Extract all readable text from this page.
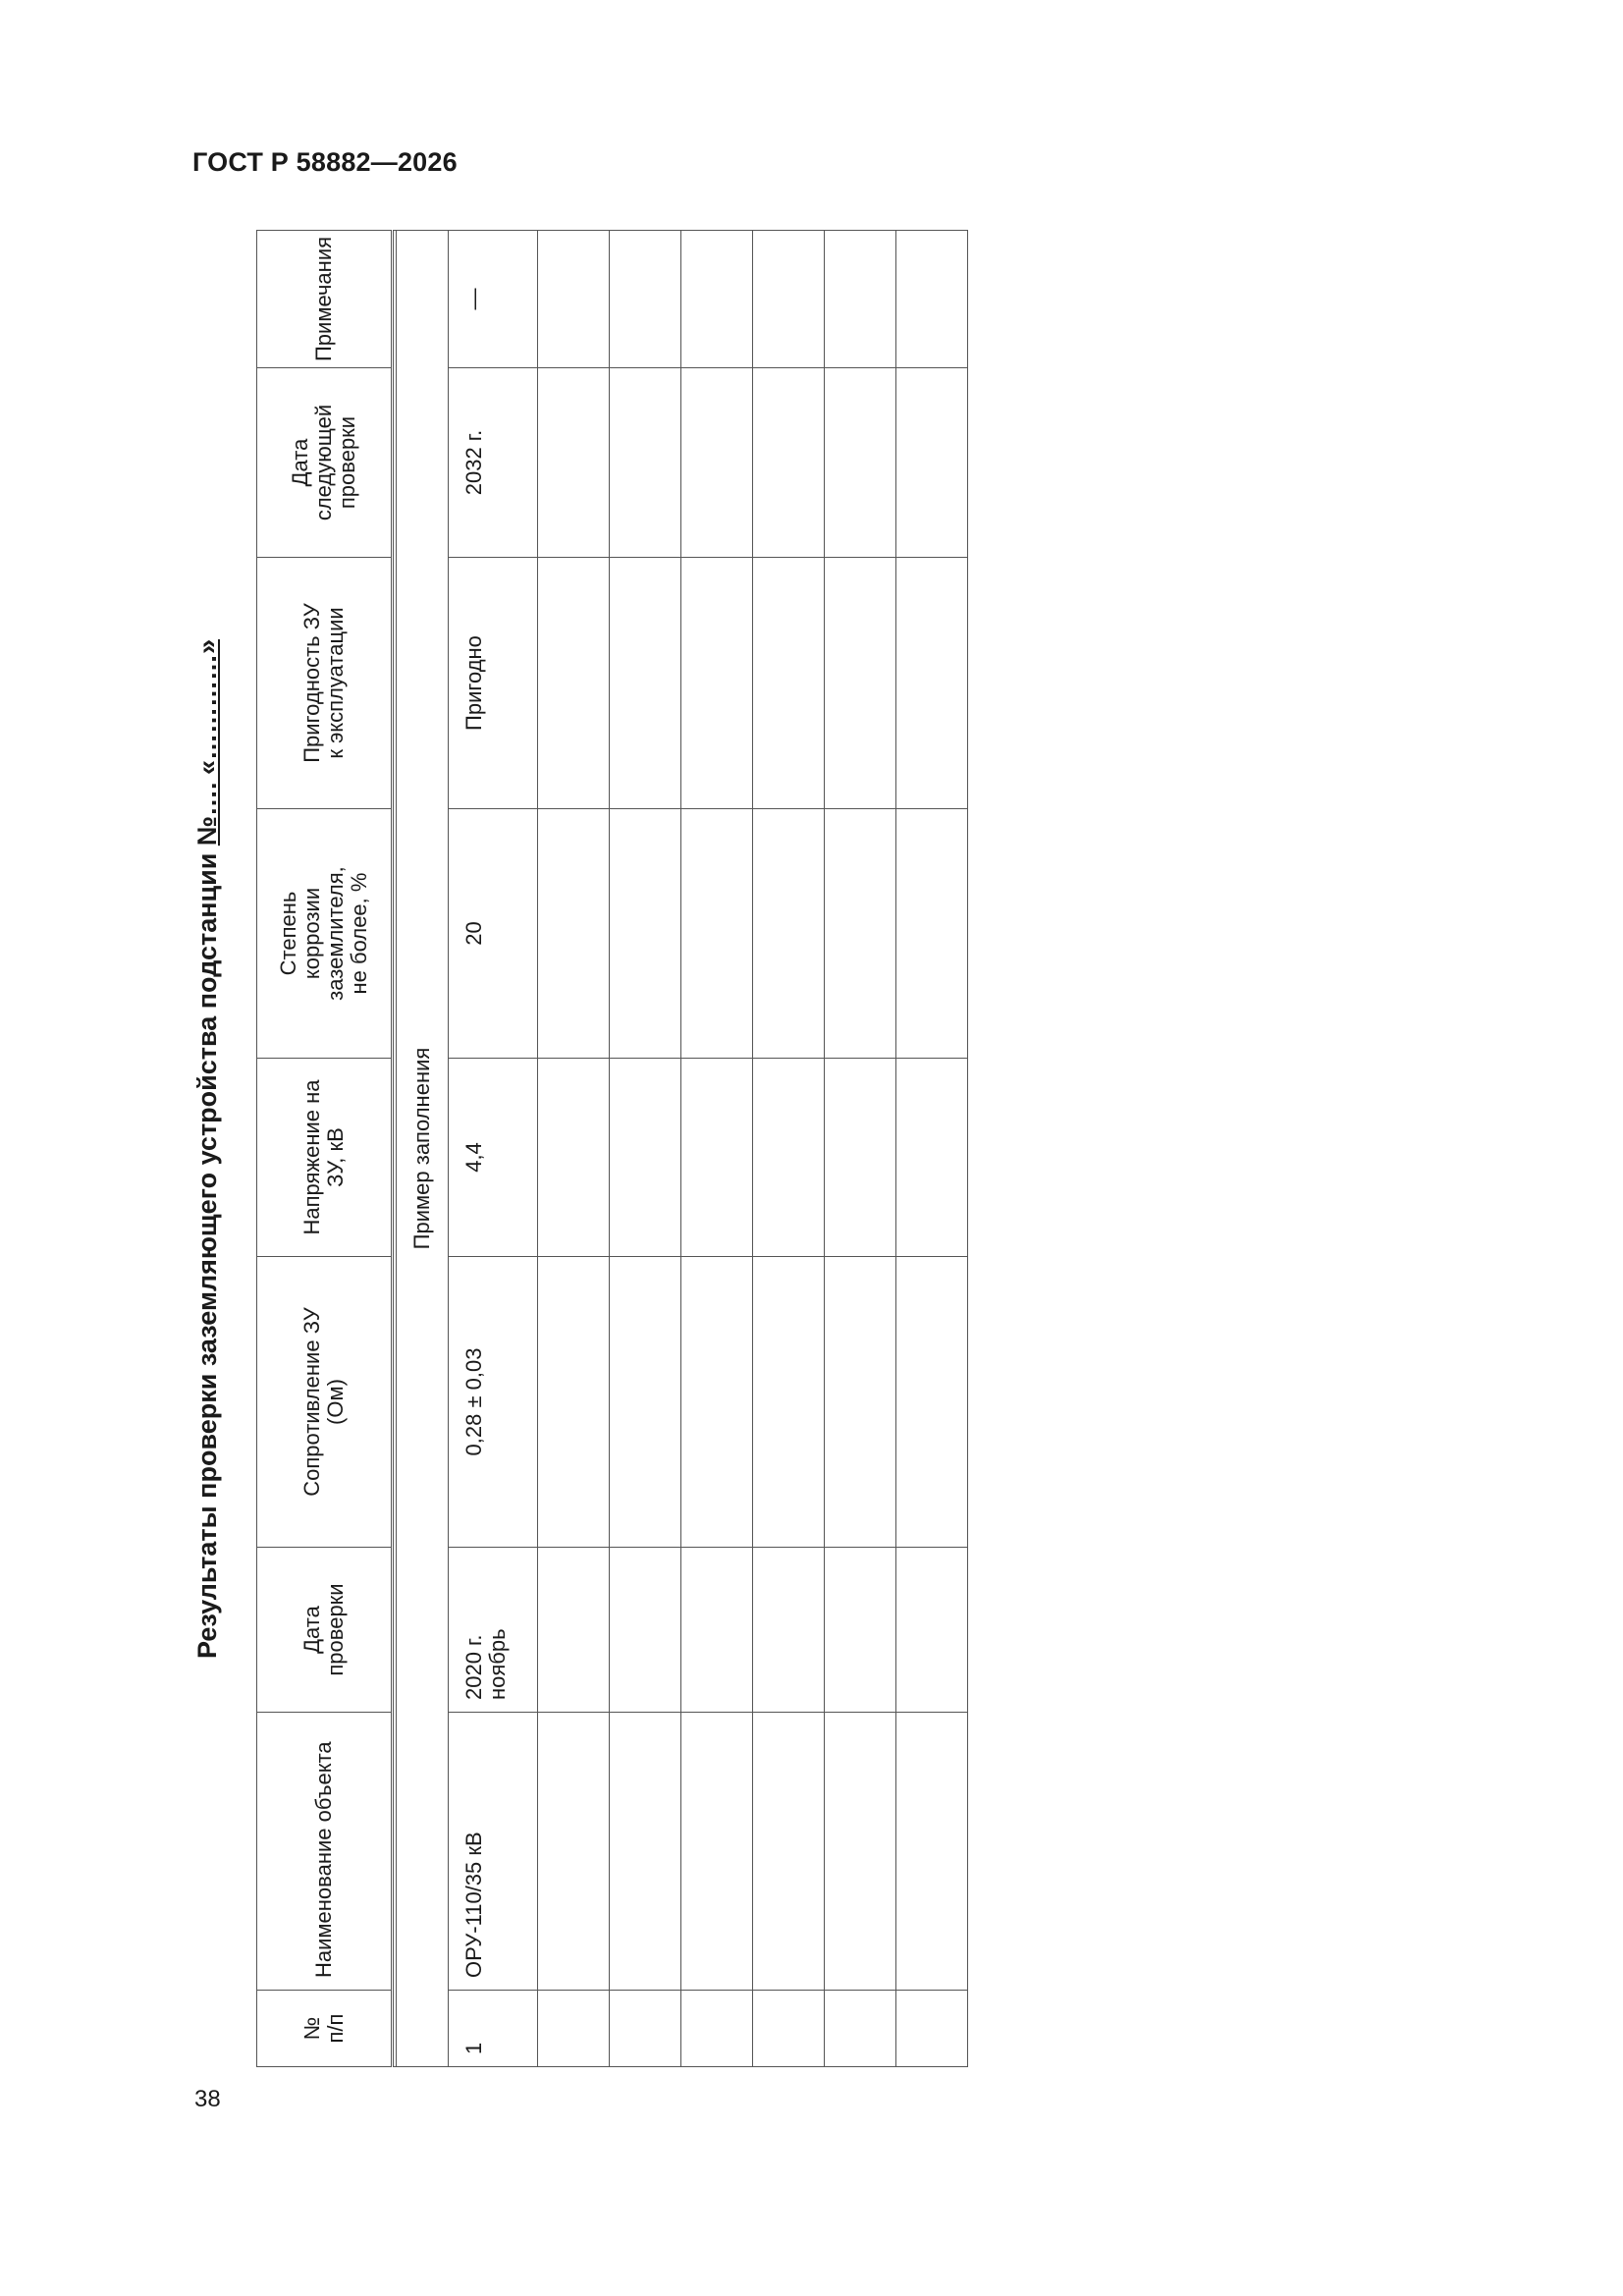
ГОСТ Р 58882—2026
38
Результаты проверки заземляющего устройства подстанции №…. «…………»
№
п/п	Наименование объекта	Дата
проверки	Сопротивление ЗУ
(Ом)	Напряжение на
ЗУ, кВ	Степень
коррозии
заземлителя,
не более, %	Пригодность ЗУ
к эксплуатации	Дата
следующей
проверки	Примечания

Пример заполнения								
1	ОРУ-110/35 кВ	2020 г.
ноябрь	0,28 ± 0,03	4,4	20	Пригодно	2032 г.	—
